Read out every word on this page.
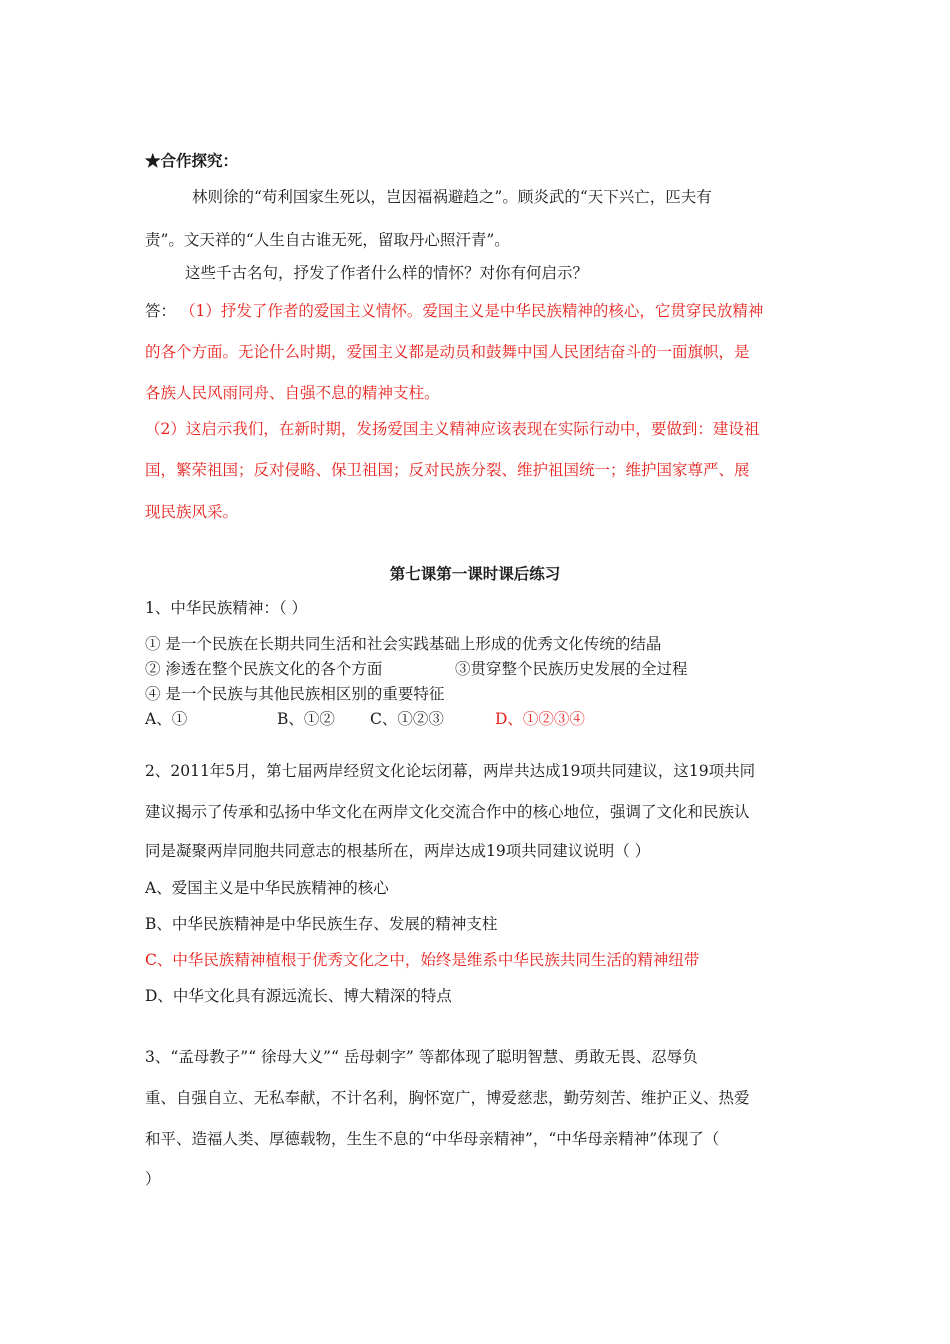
★合作探究：
林则徐的“苟利国家生死以，岂因福祸避趋之”。顾炎武的“天下兴亡，匹夫有
责”。文天祥的“人生自古谁无死，留取丹心照汗青”。
这些千古名句，抒发了作者什么样的情怀？对你有何启示？
答： （1）抒发了作者的爱国主义情怀。爱国主义是中华民族精神的核心，它贯穿民放精神
的各个方面。无论什么时期，爱国主义都是动员和鼓舞中国人民团结奋斗的一面旗帜，是
各族人民风雨同舟、自强不息的精神支柱。
（2）这启示我们，在新时期，发扬爱国主义精神应该表现在实际行动中，要做到：建设祖
国，繁荣祖国；反对侵略、保卫祖国；反对民族分裂、维护祖国统一；维护国家尊严、展
现民族风采。
第七课第一课时课后练习
1、中华民族精神：（ ）
① 是一个民族在长期共同生活和社会实践基础上形成的优秀文化传统的结晶
② 渗透在整个民族文化的各个方面	③贯穿整个民族历史发展的全过程
④ 是一个民族与其他民族相区别的重要特征
A、①	B、①② C、①②③	D、①②③④
2、2011年5月，第七届两岸经贸文化论坛闭幕，两岸共达成19项共同建议，这19项共同
建议揭示了传承和弘扬中华文化在两岸文化交流合作中的核心地位，强调了文化和民族认
同是凝聚两岸同胞共同意志的根基所在，两岸达成19项共同建议说明（ ）
A、爱国主义是中华民族精神的核心
B、中华民族精神是中华民族生存、发展的精神支柱
C、中华民族精神植根于优秀文化之中，始终是维系中华民族共同生活的精神纽带
D、中华文化具有源远流长、博大精深的特点
3、“孟母教子”“ 徐母大义”“ 岳母刺字” 等都体现了聪明智慧、勇敢无畏、忍辱负
重、自强自立、无私奉献，不计名利，胸怀宽广，博爱慈悲，勤劳刻苦、维护正义、热爱
和平、造福人类、厚德载物，生生不息的“中华母亲精神”，“中华母亲精神”体现了（
）
